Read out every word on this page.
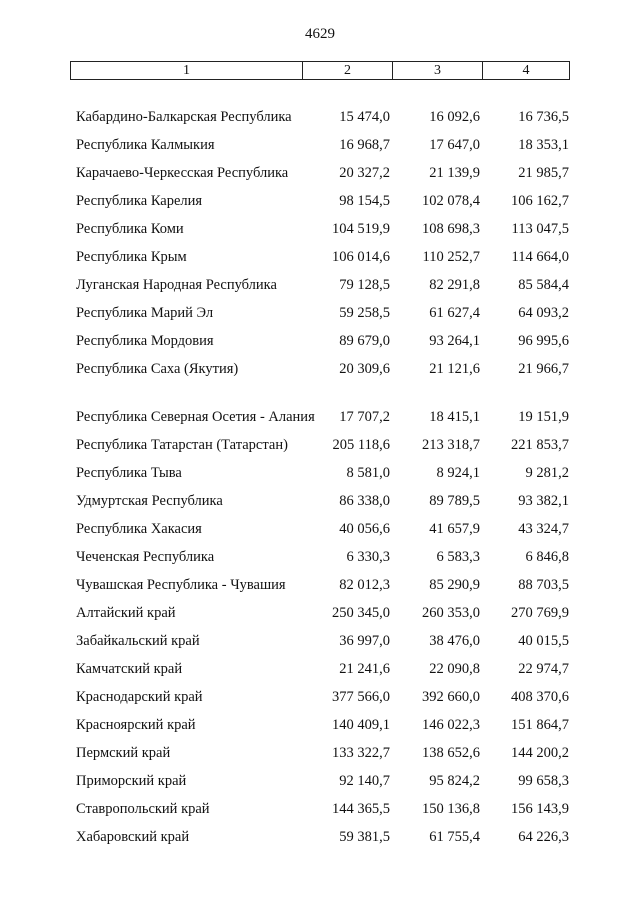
4629
1	2	3	4
Кабардино-Балкарская Республика	15 474,0	16 092,6	16 736,5
Республика Калмыкия	16 968,7	17 647,0	18 353,1
Карачаево-Черкесская Республика	20 327,2	21 139,9	21 985,7
Республика Карелия	98 154,5	102 078,4	106 162,7
Республика Коми	104 519,9	108 698,3	113 047,5
Республика Крым	106 014,6	110 252,7	114 664,0
Луганская Народная Республика	79 128,5	82 291,8	85 584,4
Республика Марий Эл	59 258,5	61 627,4	64 093,2
Республика Мордовия	89 679,0	93 264,1	96 995,6
Республика Саха (Якутия)	20 309,6	21 121,6	21 966,7
Республика Северная Осетия - Алания	17 707,2	18 415,1	19 151,9
Республика Татарстан (Татарстан)	205 118,6	213 318,7	221 853,7
Республика Тыва	8 581,0	8 924,1	9 281,2
Удмуртская Республика	86 338,0	89 789,5	93 382,1
Республика Хакасия	40 056,6	41 657,9	43 324,7
Чеченская Республика	6 330,3	6 583,3	6 846,8
Чувашская Республика - Чувашия	82 012,3	85 290,9	88 703,5
Алтайский край	250 345,0	260 353,0	270 769,9
Забайкальский край	36 997,0	38 476,0	40 015,5
Камчатский край	21 241,6	22 090,8	22 974,7
Краснодарский край	377 566,0	392 660,0	408 370,6
Красноярский край	140 409,1	146 022,3	151 864,7
Пермский край	133 322,7	138 652,6	144 200,2
Приморский край	92 140,7	95 824,2	99 658,3
Ставропольский край	144 365,5	150 136,8	156 143,9
Хабаровский край	59 381,5	61 755,4	64 226,3
